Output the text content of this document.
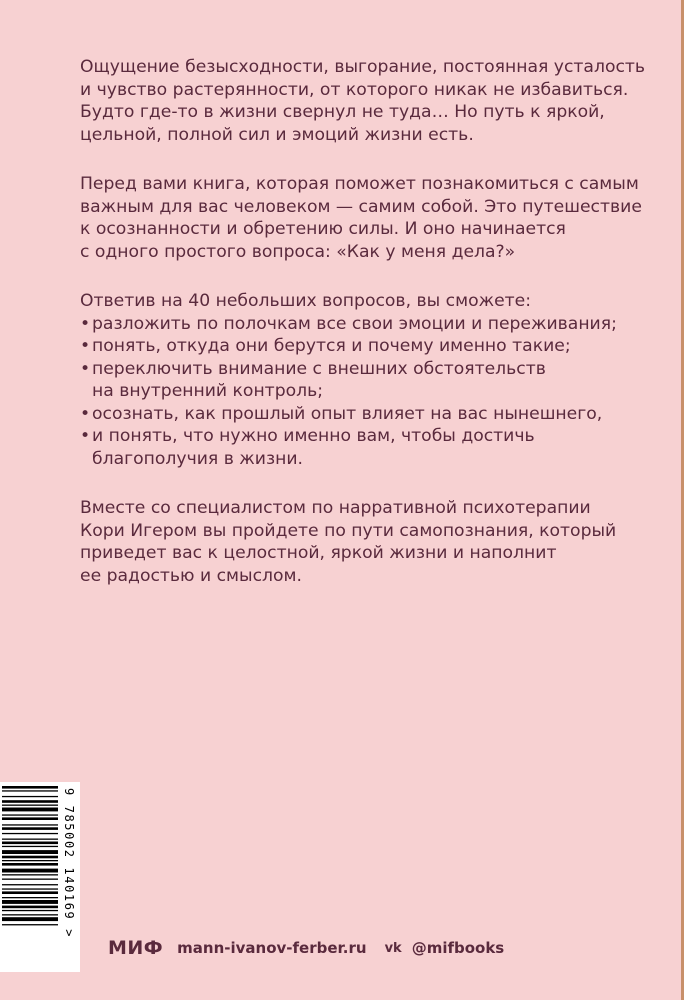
Ощущение безысходности, выгорание, постоянная усталость
и чувство растерянности, от которого никак не избавиться.
Будто где-то в жизни свернул не туда… Но путь к яркой,
цельной, полной сил и эмоций жизни есть.
Перед вами книга, которая поможет познакомиться с самым
важным для вас человеком — самим собой. Это путешествие
к осознанности и обретению силы. И оно начинается
с одного простого вопроса: «Как у меня дела?»
Ответив на 40 небольших вопросов, вы сможете:
• разложить по полочкам все свои эмоции и переживания;
• понять, откуда они берутся и почему именно такие;
• переключить внимание с внешних обстоятельств
на внутренний контроль;
• осознать, как прошлый опыт влияет на вас нынешнего,
• и понять, что нужно именно вам, чтобы достичь
благополучия в жизни.
Вместе со специалистом по нарративной психотерапии
Кори Игером вы пройдете по пути самопознания, который
приведет вас к целостной, яркой жизни и наполнит
ее радостью и смыслом.
9 785002 140169 >
МИФ mann-ivanov-ferber.ru vk @mifbooks
